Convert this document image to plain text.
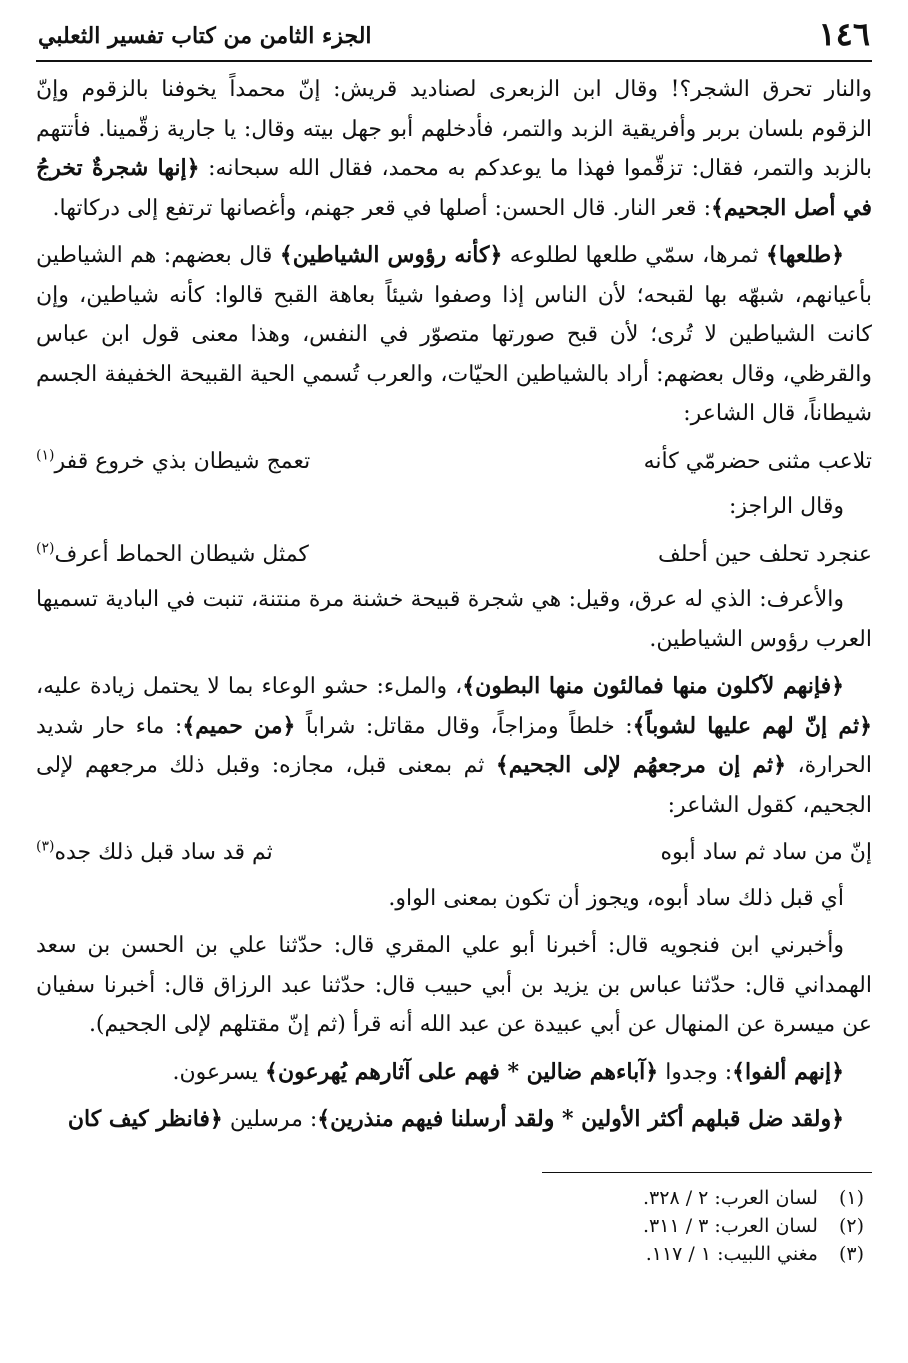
١٤٦
الجزء الثامن من كتاب تفسير الثعلبي

والنار تحرق الشجر؟! وقال ابن الزبعرى لصناديد قريش: إنّ محمداً يخوفنا بالزقوم وإنّ الزقوم بلسان بربر وأفريقية الزبد والتمر، فأدخلهم أبو جهل بيته وقال: يا جارية زقّمينا. فأتتهم بالزبد والتمر، فقال: تزقّموا فهذا ما يوعدكم به محمد، فقال الله سبحانه: ﴿إنها شجرةٌ تخرجُ في أصل الجحيم﴾: قعر النار. قال الحسن: أصلها في قعر جهنم، وأغصانها ترتفع إلى دركاتها.

﴿طلعها﴾ ثمرها، سمّي طلعها لطلوعه ﴿كأنه رؤوس الشياطين﴾ قال بعضهم: هم الشياطين بأعيانهم، شبهّه بها لقبحه؛ لأن الناس إذا وصفوا شيئاً بعاهة القبح قالوا: كأنه شياطين، وإن كانت الشياطين لا تُرى؛ لأن قبح صورتها متصوّر في النفس، وهذا معنى قول ابن عباس والقرظي، وقال بعضهم: أراد بالشياطين الحيّات، والعرب تُسمي الحية القبيحة الخفيفة الجسم شيطاناً، قال الشاعر:

تلاعب مثنى حضرمّي كأنه
تعمج شيطان بذي خروع قفر$^{(١)}$

وقال الراجز:

عنجرد تحلف حين أحلف
كمثل شيطان الحماط أعرف$^{(٢)}$

والأعرف: الذي له عرق، وقيل: هي شجرة قبيحة خشنة مرة منتنة، تنبت في البادية تسميها العرب رؤوس الشياطين.

﴿فإنهم لآكلون منها فمالئون منها البطون﴾، والملء: حشو الوعاء بما لا يحتمل زيادة عليه، ﴿ثم إنّ لهم عليها لشوباً﴾: خلطاً ومزاجاً، وقال مقاتل: شراباً ﴿من حميم﴾: ماء حار شديد الحرارة، ﴿ثم إن مرجعهُم لإلى الجحيم﴾ ثم بمعنى قبل، مجازه: وقبل ذلك مرجعهم لإلى الجحيم، كقول الشاعر:

إنّ من ساد ثم ساد أبوه
ثم قد ساد قبل ذلك جده$^{(٣)}$

أي قبل ذلك ساد أبوه، ويجوز أن تكون بمعنى الواو.

وأخبرني ابن فنجويه قال: أخبرنا أبو علي المقري قال: حدّثنا علي بن الحسن بن سعد الهمداني قال: حدّثنا عباس بن يزيد بن أبي حبيب قال: حدّثنا عبد الرزاق قال: أخبرنا سفيان عن ميسرة عن المنهال عن أبي عبيدة عن عبد الله أنه قرأ (ثم إنّ مقتلهم لإلى الجحيم).

﴿إنهم ألفوا﴾: وجدوا ﴿آباءهم ضالين * فهم على آثارهم يُهرعون﴾ يسرعون.

﴿ولقد ضل قبلهم أكثر الأولين * ولقد أرسلنا فيهم منذرين﴾: مرسلين ﴿فانظر كيف كان

(١) لسان العرب: ٢ / ٣٢٨.
(٢) لسان العرب: ٣ / ٣١١.
(٣) مغني اللبيب: ١ / ١١٧.
